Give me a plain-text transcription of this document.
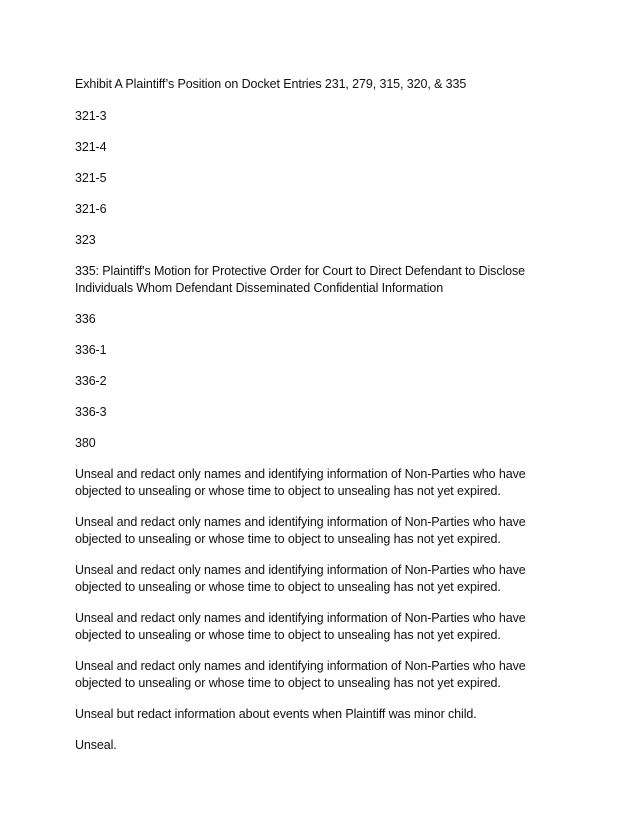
Exhibit A Plaintiff’s Position on Docket Entries 231, 279, 315, 320, & 335

321-3

321-4

321-5

321-6

323

335: Plaintiff's Motion for Protective Order for Court to Direct Defendant to Disclose Individuals Whom Defendant Disseminated Confidential Information

336

336-1

336-2

336-3

380

Unseal and redact only names and identifying information of Non-Parties who have objected to unsealing or whose time to object to unsealing has not yet expired.

Unseal and redact only names and identifying information of Non-Parties who have objected to unsealing or whose time to object to unsealing has not yet expired.

Unseal and redact only names and identifying information of Non-Parties who have objected to unsealing or whose time to object to unsealing has not yet expired.

Unseal and redact only names and identifying information of Non-Parties who have objected to unsealing or whose time to object to unsealing has not yet expired.

Unseal and redact only names and identifying information of Non-Parties who have objected to unsealing or whose time to object to unsealing has not yet expired.

Unseal but redact information about events when Plaintiff was minor child.

Unseal.
